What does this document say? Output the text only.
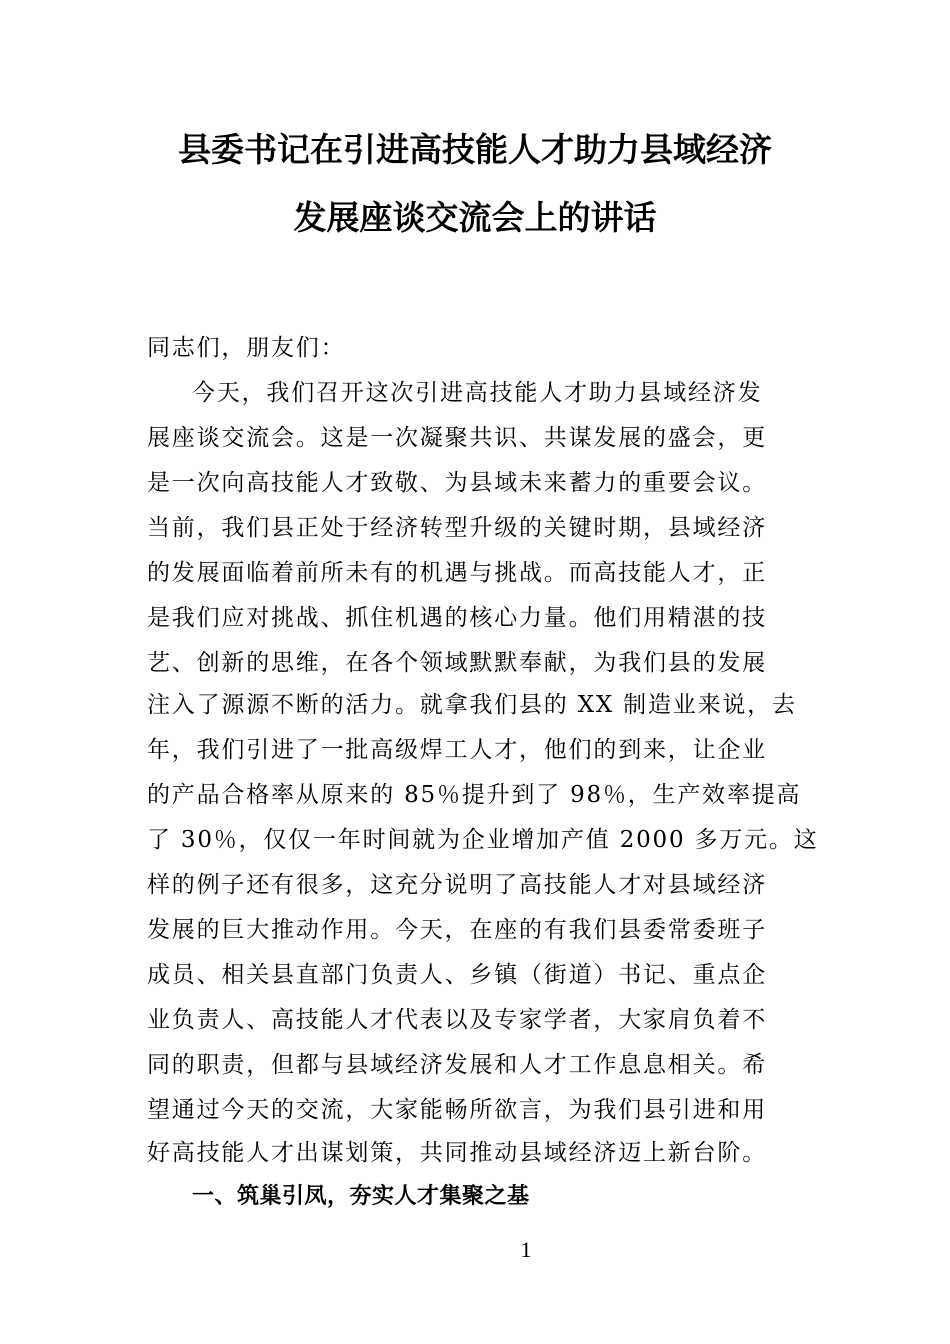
县委书记在引进高技能人才助力县域经济
发展座谈交流会上的讲话
同志们，朋友们：
今天，我们召开这次引进高技能人才助力县域经济发
展座谈交流会。这是一次凝聚共识、共谋发展的盛会，更
是一次向高技能人才致敬、为县域未来蓄力的重要会议。
当前，我们县正处于经济转型升级的关键时期，县域经济
的发展面临着前所未有的机遇与挑战。而高技能人才，正
是我们应对挑战、抓住机遇的核心力量。他们用精湛的技
艺、创新的思维，在各个领域默默奉献，为我们县的发展
注入了源源不断的活力。就拿我们县的 XX 制造业来说，去
年，我们引进了一批高级焊工人才，他们的到来，让企业
的产品合格率从原来的 85％提升到了 98％，生产效率提高
了 30％，仅仅一年时间就为企业增加产值 2000 多万元。这
样的例子还有很多，这充分说明了高技能人才对县域经济
发展的巨大推动作用。今天，在座的有我们县委常委班子
成员、相关县直部门负责人、乡镇（街道）书记、重点企
业负责人、高技能人才代表以及专家学者，大家肩负着不
同的职责，但都与县域经济发展和人才工作息息相关。希
望通过今天的交流，大家能畅所欲言，为我们县引进和用
好高技能人才出谋划策，共同推动县域经济迈上新台阶。
一、筑巢引凤，夯实人才集聚之基
1
